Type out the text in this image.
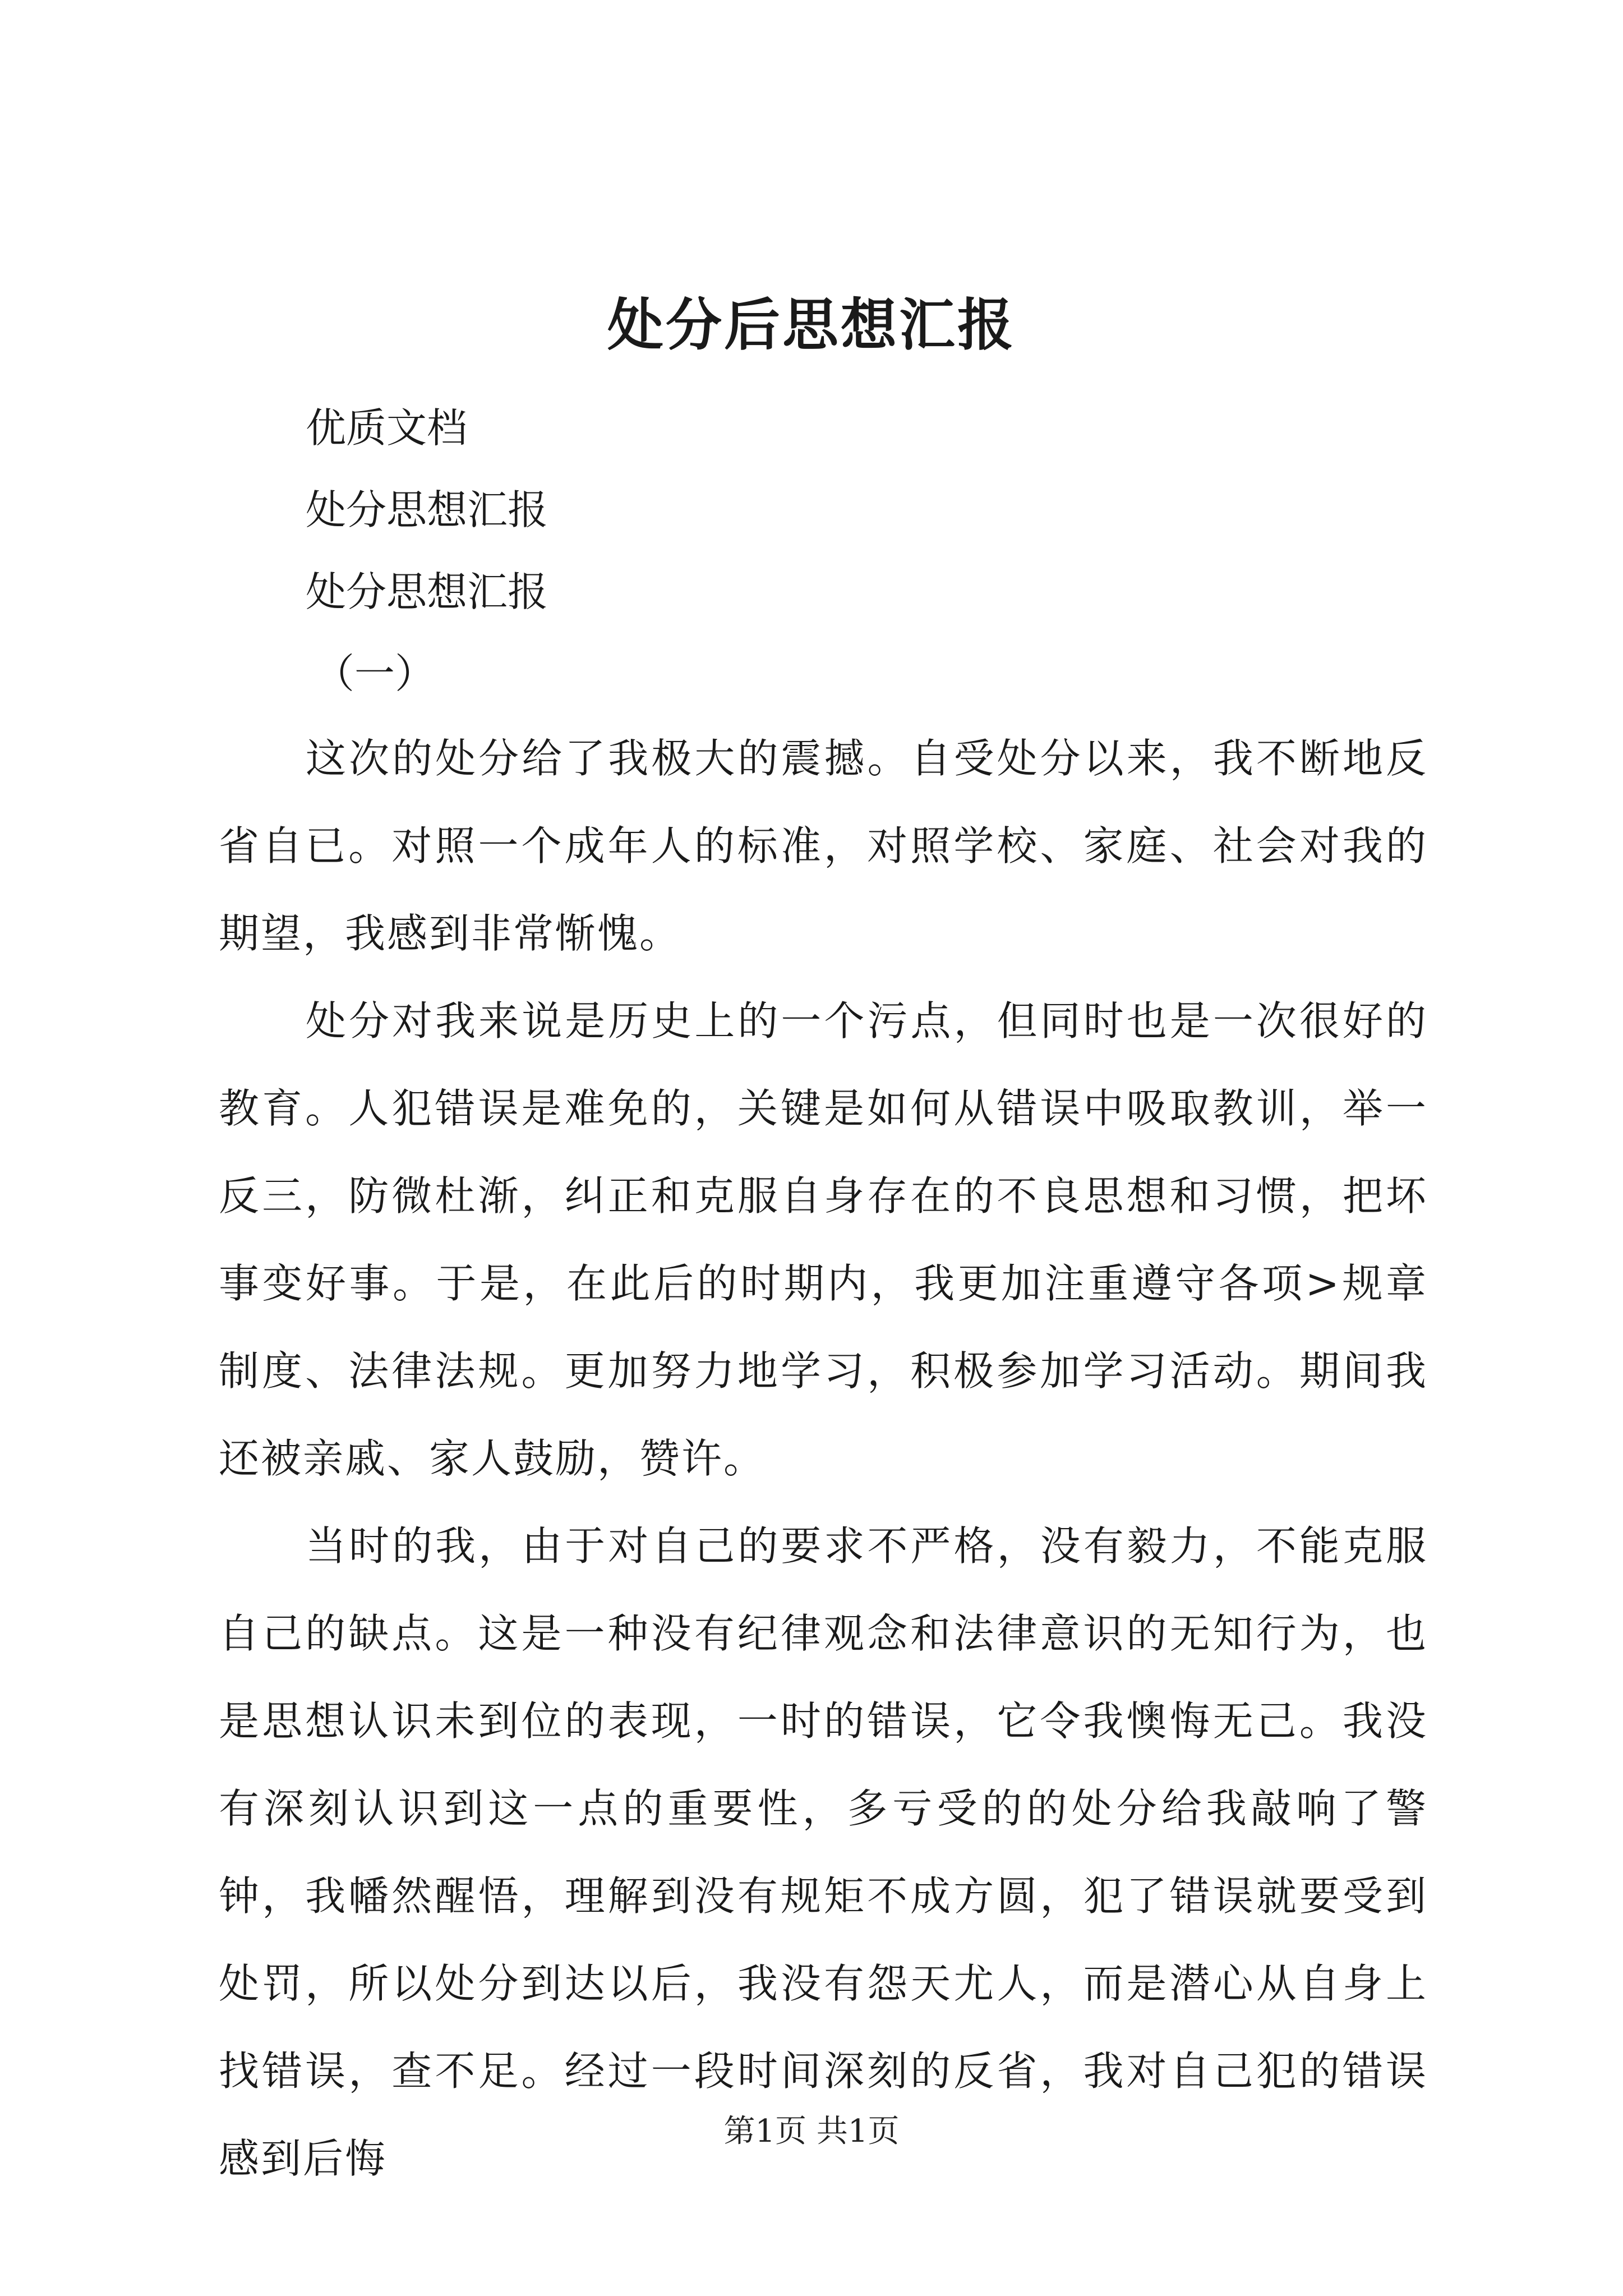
处分后思想汇报
优质文档
处分思想汇报
处分思想汇报
（一）

这次的处分给了我极大的震撼。自受处分以来，我不断地反省自已。对照一个成年人的标准，对照学校、家庭、社会对我的期望，我感到非常惭愧。

处分对我来说是历史上的一个污点，但同时也是一次很好的教育。人犯错误是难免的，关键是如何从错误中吸取教训，举一反三，防微杜渐，纠正和克服自身存在的不良思想和习惯，把坏事变好事。于是，在此后的时期内，我更加注重遵守各项>规章制度、法律法规。更加努力地学习，积极参加学习活动。期间我还被亲戚、家人鼓励，赞许。

当时的我，由于对自己的要求不严格，没有毅力，不能克服自己的缺点。这是一种没有纪律观念和法律意识的无知行为，也是思想认识未到位的表现，一时的错误，它令我懊悔无己。我没有深刻认识到这一点的重要性，多亏受的的处分给我敲响了警钟，我幡然醒悟，理解到没有规矩不成方圆，犯了错误就要受到处罚，所以处分到达以后，我没有怨天尤人，而是潜心从自身上找错误，查不足。经过一段时间深刻的反省，我对自己犯的错误感到后悔

第1页 共1页
